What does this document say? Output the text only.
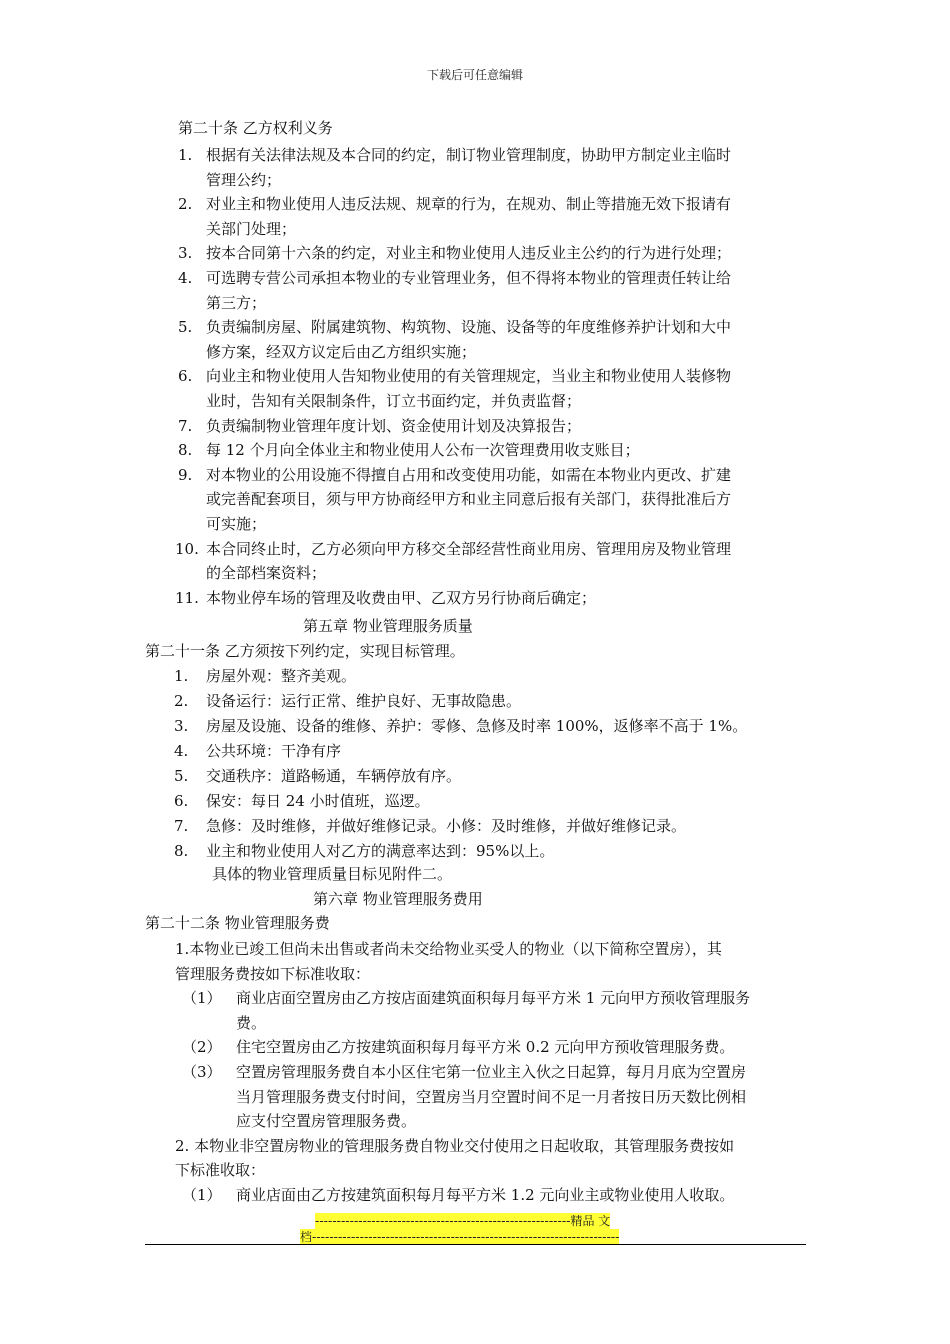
下载后可任意编辑
第二十条 乙方权利义务
1. 根据有关法律法规及本合同的约定，制订物业管理制度，协助甲方制定业主临时
管理公约；
2. 对业主和物业使用人违反法规、规章的行为，在规劝、制止等措施无效下报请有
关部门处理；
3. 按本合同第十六条的约定，对业主和物业使用人违反业主公约的行为进行处理；
4. 可选聘专营公司承担本物业的专业管理业务，但不得将本物业的管理责任转让给
第三方；
5. 负责编制房屋、附属建筑物、构筑物、设施、设备等的年度维修养护计划和大中
修方案，经双方议定后由乙方组织实施；
6. 向业主和物业使用人告知物业使用的有关管理规定，当业主和物业使用人装修物
业时，告知有关限制条件，订立书面约定，并负责监督；
7. 负责编制物业管理年度计划、资金使用计划及决算报告；
8. 每 12 个月向全体业主和物业使用人公布一次管理费用收支账目；
9. 对本物业的公用设施不得擅自占用和改变使用功能，如需在本物业内更改、扩建
或完善配套项目，须与甲方协商经甲方和业主同意后报有关部门，获得批准后方
可实施；
10. 本合同终止时，乙方必须向甲方移交全部经营性商业用房、管理用房及物业管理
的全部档案资料；
11. 本物业停车场的管理及收费由甲、乙双方另行协商后确定；
第五章 物业管理服务质量
第二十一条 乙方须按下列约定，实现目标管理。
1. 房屋外观：整齐美观。
2. 设备运行：运行正常、维护良好、无事故隐患。
3. 房屋及设施、设备的维修、养护：零修、急修及时率 100%，返修率不高于 1%。
4. 公共环境：干净有序
5. 交通秩序：道路畅通，车辆停放有序。
6. 保安：每日 24 小时值班，巡逻。
7. 急修：及时维修，并做好维修记录。小修：及时维修，并做好维修记录。
8. 业主和物业使用人对乙方的满意率达到：95%以上。
具体的物业管理质量目标见附件二。
第六章 物业管理服务费用
第二十二条 物业管理服务费
1.本物业已竣工但尚未出售或者尚未交给物业买受人的物业（以下简称空置房），其
管理服务费按如下标准收取：
（1） 商业店面空置房由乙方按店面建筑面积每月每平方米 1 元向甲方预收管理服务
费。
（2） 住宅空置房由乙方按建筑面积每月每平方米 0.2 元向甲方预收管理服务费。
（3） 空置房管理服务费自本小区住宅第一位业主入伙之日起算，每月月底为空置房
当月管理服务费支付时间，空置房当月空置时间不足一月者按日历天数比例相
应支付空置房管理服务费。
2. 本物业非空置房物业的管理服务费自物业交付使用之日起收取，其管理服务费按如
下标准收取：
（1） 商业店面由乙方按建筑面积每月每平方米 1.2 元向业主或物业使用人收取。
-----------------------------------------------------------精品 文
档-----------------------------------------------------------------------
